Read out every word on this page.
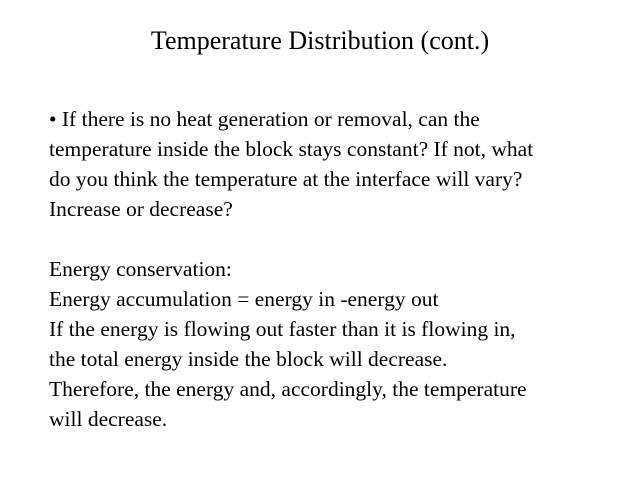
Temperature Distribution (cont.)
• If there is no heat generation or removal, can the
temperature inside the block stays constant? If not, what
do you think the temperature at the interface will vary?
Increase or decrease?
Energy conservation:
Energy accumulation = energy in -energy out
If the energy is flowing out faster than it is flowing in,
the total energy inside the block will decrease.
Therefore, the energy and, accordingly, the temperature
will decrease.
